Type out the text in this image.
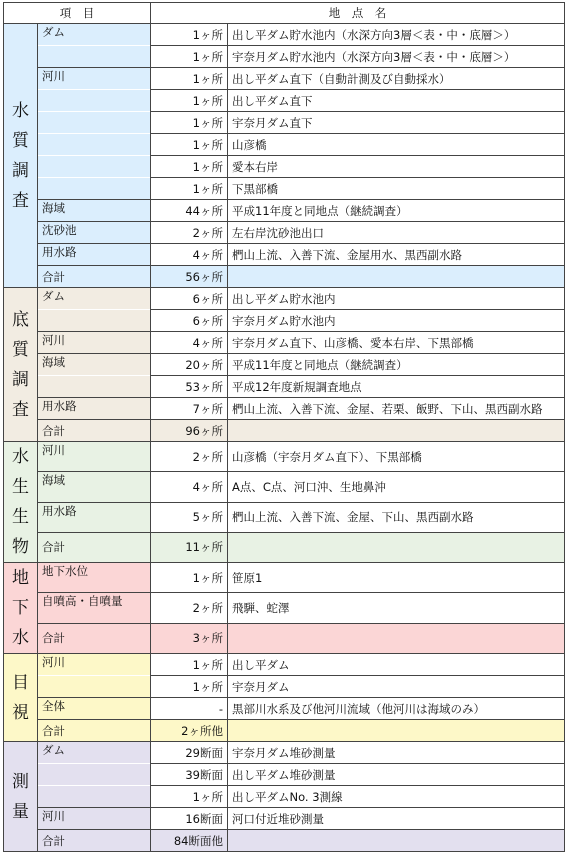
項　目		地　点　名	

水
質
調
査	ダム	1ヶ所	出し平ダム貯水池内（水深方向3層＜表・中・底層＞）
		1ヶ所	宇奈月ダム貯水池内（水深方向3層＜表・中・底層＞）
	河川	1ヶ所	出し平ダム直下（自動計測及び自動採水）
		1ヶ所	出し平ダム直下
		1ヶ所	宇奈月ダム直下
		1ヶ所	山彦橋
		1ヶ所	愛本右岸
		1ヶ所	下黒部橋
	海域	44ヶ所	平成11年度と同地点（継続調査）
	沈砂池	2ヶ所	左右岸沈砂池出口
	用水路	4ヶ所	椚山上流、入善下流、金屋用水、黒西副水路
	合計	56ヶ所	

底
質
調
査	ダム	6ヶ所	出し平ダム貯水池内
		6ヶ所	宇奈月ダム貯水池内
	河川	4ヶ所	宇奈月ダム直下、山彦橋、愛本右岸、下黒部橋
	海域	20ヶ所	平成11年度と同地点（継続調査）
		53ヶ所	平成12年度新規調査地点
	用水路	7ヶ所	椚山上流、入善下流、金屋、若栗、飯野、下山、黒西副水路
	合計	96ヶ所	

水
生
生
物	河川	2ヶ所	山彦橋（宇奈月ダム直下）、下黒部橋
	海域	4ヶ所	A点、C点、河口沖、生地鼻沖
	用水路	5ヶ所	椚山上流、入善下流、金屋、下山、黒西副水路
	合計	11ヶ所	

地
下
水	地下水位	1ヶ所	笹原1
	自噴高・自噴量	2ヶ所	飛騨、蛇澤
	合計	3ヶ所	

目
視	河川	1ヶ所	出し平ダム
		1ヶ所	宇奈月ダム
	全体	-	黒部川水系及び他河川流域（他河川は海域のみ）
	合計	2ヶ所他	

測
量	ダム	29断面	宇奈月ダム堆砂測量
		39断面	出し平ダム堆砂測量
		1ヶ所	出し平ダムNo. 3測線
	河川	16断面	河口付近堆砂測量
	合計	84断面他	
